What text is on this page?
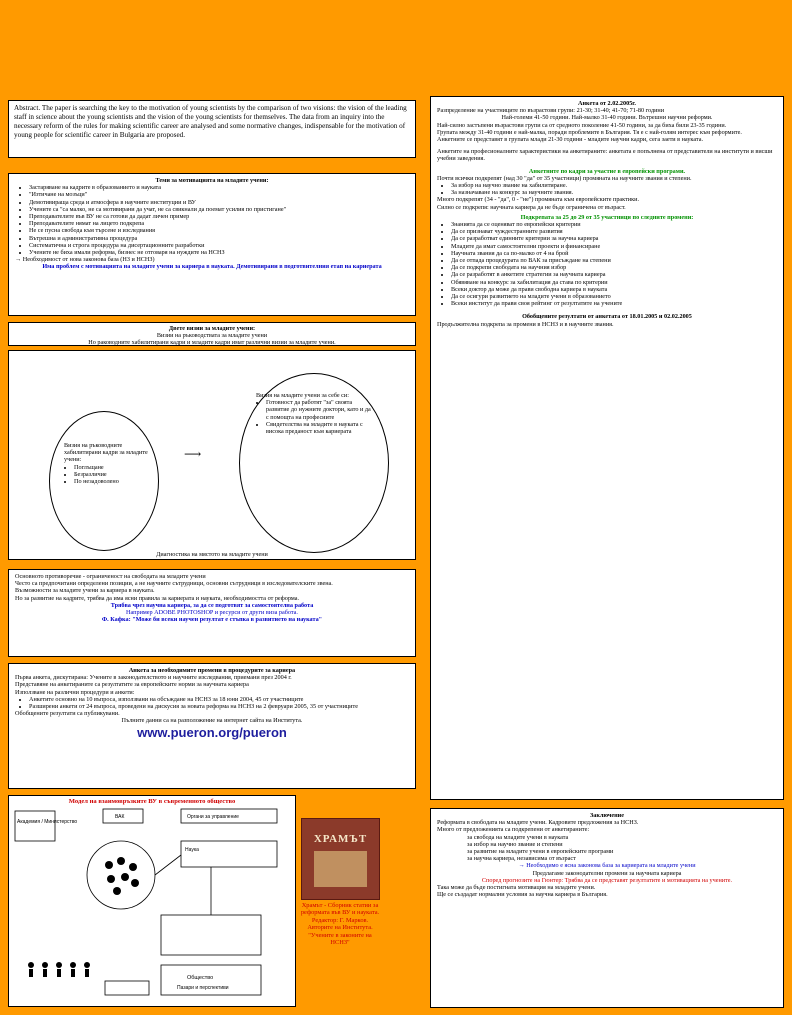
Abstract. The paper is searching the key to the motivation of young scientists by the comparison of two visions: the vision of the leading staff in science about the young scientists and the vision of the young scientists for themselves. The data from an inquiry into the necessary reform of the rules for making scientific career are analysed and some normative changes, indispensable for the motivation of young people for scientific career in Bulgaria are proposed.

Теми за мотивацията на младите учени:

• Застаряване на кадрите в образованието и науката
• "Изтичане на мозъци"
• Демотивираща среда и атмосфера в научните институции и ВУ
• Учените са "са малко, не са мотивирани да учат, не са свикнали да поемат усилия по пристигане"
• Преподавателите във ВУ не са готови да дадат личен пример
• Преподавателите нямат на лицето подкрепа
• Не се пусна свобода към търсене и изследвания
• Вътрешна и административна процедура
• Систематична и строга процедура на дисертационните разработки
• Учените не биха имали реформа, бизнес не отговаря на нуждите на НСНЗ

→ Необходимост от нова законова база (НЗ и НСНЗ)

Има проблем с мотивацията на младите учени за кариера в науката. Демотивирани в подготвителния етап на кариерата

Двете визии за младите учени:

Визии на ръководствата за младите учени

Но раководните хабилитирани кадри и младите кадри имат различни визии за младите учени.

Визия на ръководните хабилитирани кадри за младите учени:

• Поглъщане
• Безразличие
• По незадоволено
⟶

Визия на младите учени за себе си:

• Готовност да работят "за" своята развитие до нужните доктори, като и да с помощта на професиите
• Свидетелства на младите в науката с висока преданост към кариерата
Диагностика на мястото на младите учени

Основното противоречие - ограниченост на свободата на младите учени

Често са предпочитани определени позиции, а не научните сътрудници, основни сътрудници в изследователските звена.

Възможности за младите учени за кариера в науката.

Но за развитие на кадрите, трябва да има ясни правила за кариерата и науката, необходимостта от реформа.

Трябва чрез научна кариера, за да се подготвят за самостоятелна работа

Например ADOBE PHOTOSHOP и ресурси от други виза работа.

Ф. Кафка: "Може би всеки научен резултат е стъпка в развитието на науката"

Анкета за необходимите промени в процедурите за кариера

Първа анкета, дискутирана: Учените в законодателството и научните изследвания, приемани през 2004 г.

Представяне на анкетираните са резултатите за европейските норми за научната кариера

Използване на различни процедури и анкети:

• Анкетите основно на 10 въпроса, използвани на обсъждане на НСНЗ за 18 юни 2004, 45 от участниците
• Разширени анкети от 24 въпроса, проведени на дискусия за новата реформа на НСНЗ на 2 февруари 2005, 35 от участниците

Обобщените резултати са публикувани.

Пълните данни са на разположение на интернет сайта на Института.

www.pueron.org/pueron

Модел на взаимовръзките ВУ в съвременното общество

Академия / Министерство
ВАК	Органи за управление
Наука
Общество
Пазари и перспективи
ХРАМЪТ
Храмът - Сборник статии за реформата във ВУ и науката. Редактор: Г. Марков. Авторите на Института. "Учените в законите на НСНЗ"

Анкета от 2.02.2005г.

Разпределение на участниците по възрастови групи: 21-30; 31-40; 41-70; 71-80 години

Най-големи 41-50 години. Най-малко 31-40 години. Вътрешни научни реформи.

Най-силно застъпени възрастови групи са от средното поколение 41-50 години, за да биха били 23-35 години.

Групата между 31-40 години е най-малка, поради проблемите в България. Тя е с най-голям интерес към реформите.

Анкетните се представят в групата млади 21-30 години - младите научни кадри, сега заети в науката.

Анкетите на професионалните характеристики на анкетираните: анкетата е попълнена от представители на институти и висши учебни заведения.

Анкетните по кадри за участие в европейски програми.

Почти всички подкрепят (над 30 "да" от 35 участници) промяната на научните звания и степени.

• За избор на научно звание на хабилитиране.
• За назначаване на конкурс за научните звания.

Много подкрепят (34 - "да", 0 - "не") промяната към европейските практики.

Силно се подкрепя: научната кариера да не бъде ограничена от възраст.

Подкрепата за 25 до 29 от 35 участници по следните промени:

• Знанията да се оценяват по европейски критерии
• Да се признават чуждестранните развития
• Да се разработват единните критерии за научна кариера
• Младите да имат самостоятелни проекти и финансиране
• Научната звания да са по-малко от 4 на брой
• Да се отпада процедурата по ВАК за присъждане на степени
• Да се подкрепи свободата на научния избор
• Да се разработят в анкетите стратегии за научната кариера
• Обявяване на конкурс за хабилитация да става по критерии
• Всеки доктор да може да прави свободна кариера в науката
• Да се осигури развитието на младите учени в образованието
• Всеки институт да прави своя рейтинг от резултатите на учените

Обобщените резултати от анкетата от 18.01.2005 и 02.02.2005

Продължителна подкрепа за промени в НСНЗ и в научните звания.

Заключение

Реформата в свободата на младите учени. Кадровите предложения за НСНЗ.

Много от предложенията са подкрепени от анкетираните:

за свобода на младите учени в науката

за избор на научно звание и степени

за развитие на младите учени в европейските програми

за научна кариера, независима от възраст

→ Необходимо е ясна законова база за кариерата на младите учени

Предлагаме законодателни промени за научната кариера

Според прогнозите на Гюнтер: Трябва да се представят резултатите и мотивацията на учените.

Така може да бъде постигната мотивация на младите учени.

Ще се създадат нормални условия за научна кариера в България.
